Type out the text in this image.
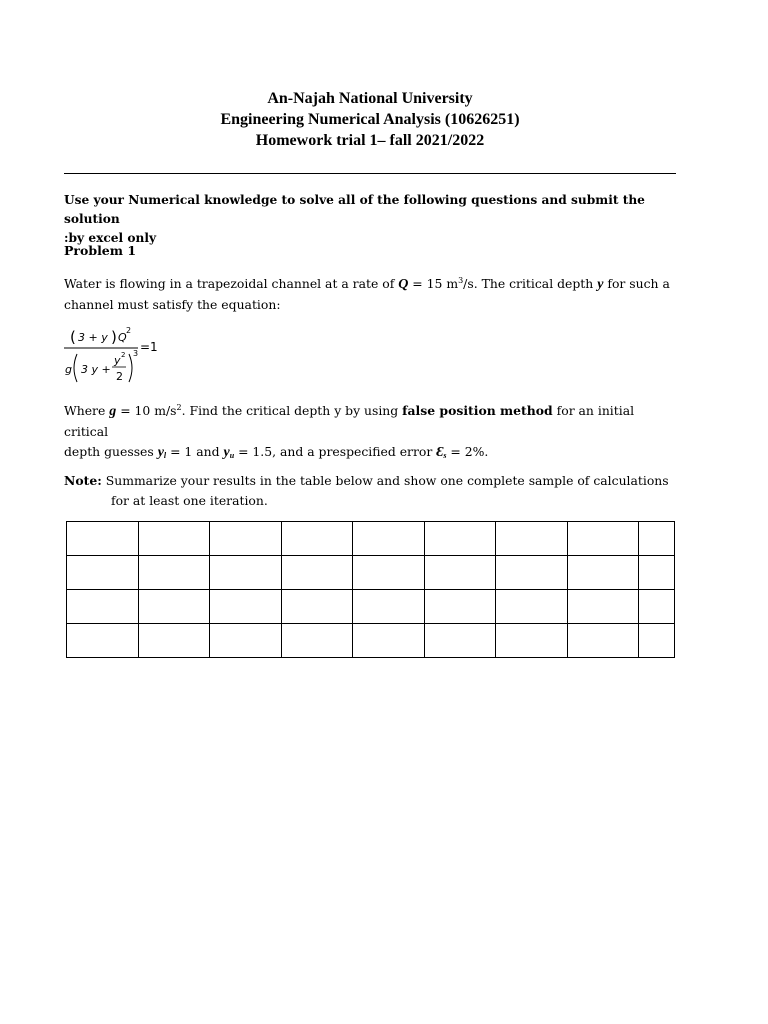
An-Najah National University
Engineering Numerical Analysis (10626251)
Homework trial 1– fall 2021/2022
Use your Numerical knowledge to solve all of the following questions and submit the solution
:by excel only
Problem 1
Water is flowing in a trapezoidal channel at a rate of Q = 15 $m^3/s$. The critical depth y for such a
channel must satisfy the equation:
( 3 + y ) Q
2
=1
g 3 y +
y 2
2
3
Where g = 10 $m/s^2$. Find the critical depth y by using false position method for an initial critical
depth guesses $y_l = 1$ and $y_u = 1.5$, and a prespecified error $Ɛ_s = 2\%$.
Note: Summarize your results in the table below and show one complete sample of calculations
for at least one iteration.
